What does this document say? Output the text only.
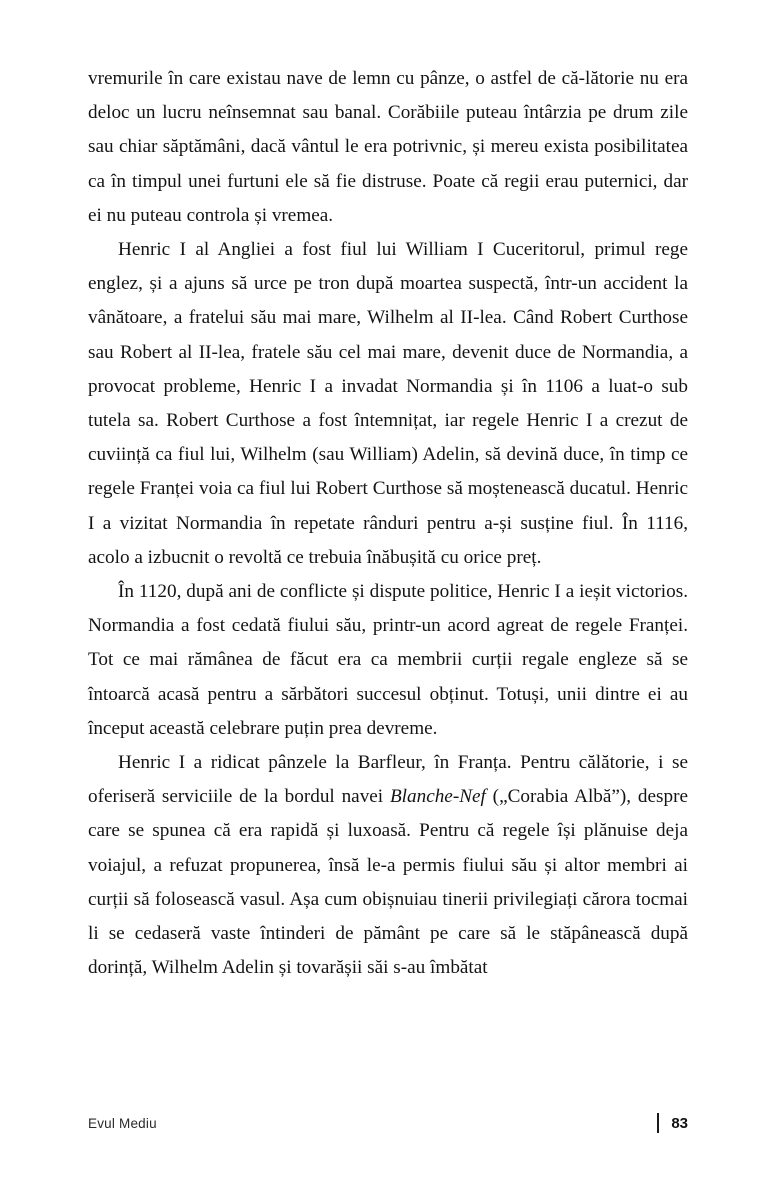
vremurile în care existau nave de lemn cu pânze, o astfel de că-lătorie nu era deloc un lucru neînsemnat sau banal. Corăbiile puteau întârzia pe drum zile sau chiar săptămâni, dacă vântul le era potrivnic, și mereu exista posibilitatea ca în timpul unei furtuni ele să fie distruse. Poate că regii erau puternici, dar ei nu puteau controla și vremea.

Henric I al Angliei a fost fiul lui William I Cuceritorul, primul rege englez, și a ajuns să urce pe tron după moartea suspectă, într-un accident la vânătoare, a fratelui său mai mare, Wilhelm al II-lea. Când Robert Curthose sau Robert al II-lea, fratele său cel mai mare, devenit duce de Normandia, a provocat probleme, Henric I a invadat Normandia și în 1106 a luat-o sub tutela sa. Robert Curthose a fost întemnițat, iar regele Henric I a crezut de cuviință ca fiul lui, Wilhelm (sau William) Adelin, să devină duce, în timp ce regele Franței voia ca fiul lui Robert Curthose să moștenească ducatul. Henric I a vizitat Normandia în repetate rânduri pentru a-și susține fiul. În 1116, acolo a izbucnit o revoltă ce trebuia înăbușită cu orice preț.

În 1120, după ani de conflicte și dispute politice, Henric I a ieșit victorios. Normandia a fost cedată fiului său, printr-un acord agreat de regele Franței. Tot ce mai rămânea de făcut era ca membrii curții regale engleze să se întoarcă acasă pentru a sărbători succesul obținut. Totuși, unii dintre ei au început această celebrare puțin prea devreme.

Henric I a ridicat pânzele la Barfleur, în Franța. Pentru călătorie, i se oferiseră serviciile de la bordul navei Blanche-Nef („Corabia Albă”), despre care se spunea că era rapidă și luxoasă. Pentru că regele își plănuise deja voiajul, a refuzat propunerea, însă le-a permis fiului său și altor membri ai curții să folosească vasul. Așa cum obișnuiau tinerii privilegiați cărora tocmai li se cedaseră vaste întinderi de pământ pe care să le stăpânească după dorință, Wilhelm Adelin și tovarășii săi s-au îmbătat

Evul Mediu	83
